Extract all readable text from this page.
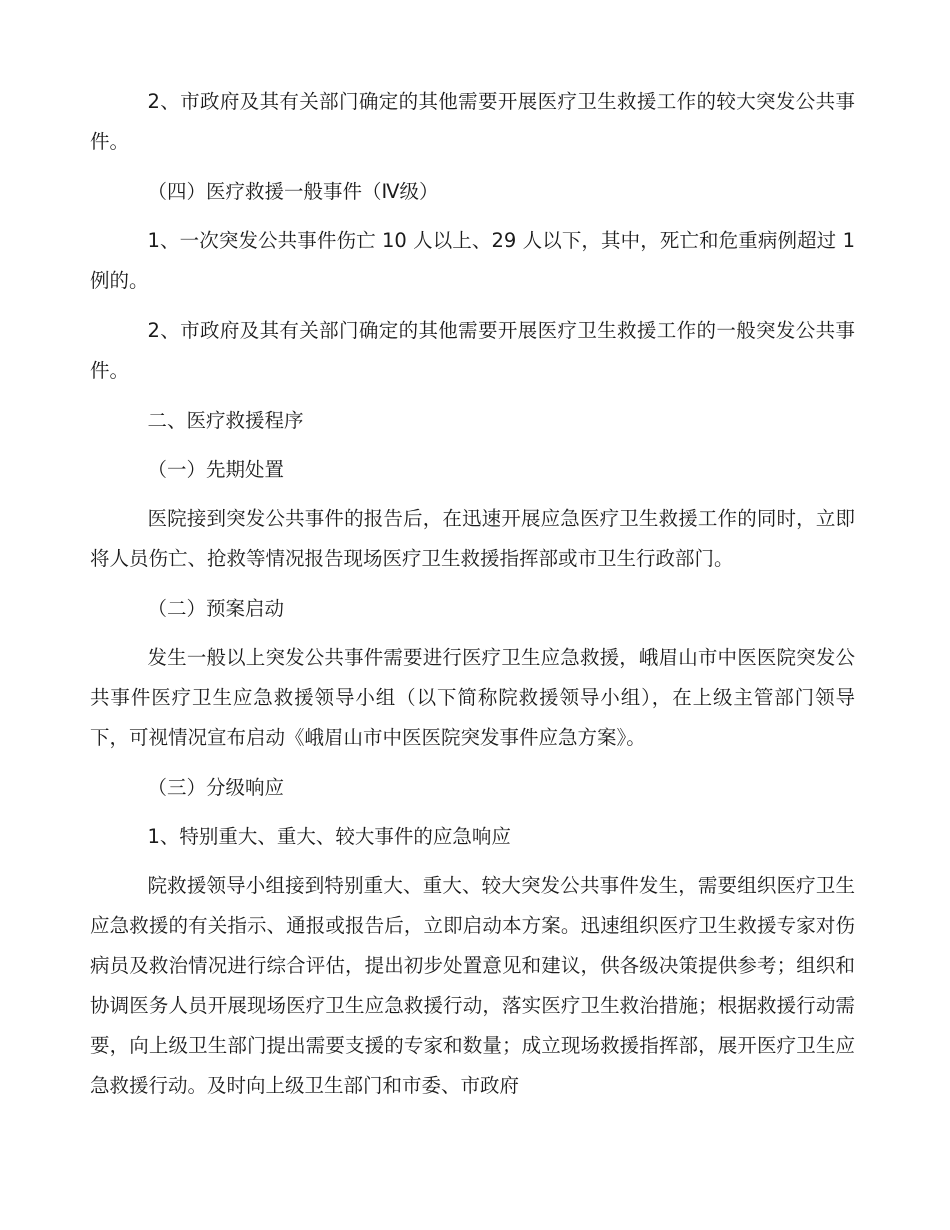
2、市政府及其有关部门确定的其他需要开展医疗卫生救援工作的较大突发公共事件。

（四）医疗救援一般事件（Ⅳ级）

1、一次突发公共事件伤亡 10 人以上、29 人以下，其中，死亡和危重病例超过 1 例的。

2、市政府及其有关部门确定的其他需要开展医疗卫生救援工作的一般突发公共事件。

二、医疗救援程序

（一）先期处置

医院接到突发公共事件的报告后，在迅速开展应急医疗卫生救援工作的同时，立即将人员伤亡、抢救等情况报告现场医疗卫生救援指挥部或市卫生行政部门。

（二）预案启动

发生一般以上突发公共事件需要进行医疗卫生应急救援，峨眉山市中医医院突发公共事件医疗卫生应急救援领导小组（以下简称院救援领导小组），在上级主管部门领导下，可视情况宣布启动《峨眉山市中医医院突发事件应急方案》。

（三）分级响应

1、特别重大、重大、较大事件的应急响应

院救援领导小组接到特别重大、重大、较大突发公共事件发生，需要组织医疗卫生应急救援的有关指示、通报或报告后，立即启动本方案。迅速组织医疗卫生救援专家对伤病员及救治情况进行综合评估，提出初步处置意见和建议，供各级决策提供参考；组织和协调医务人员开展现场医疗卫生应急救援行动，落实医疗卫生救治措施；根据救援行动需要，向上级卫生部门提出需要支援的专家和数量；成立现场救援指挥部，展开医疗卫生应急救援行动。及时向上级卫生部门和市委、市政府
